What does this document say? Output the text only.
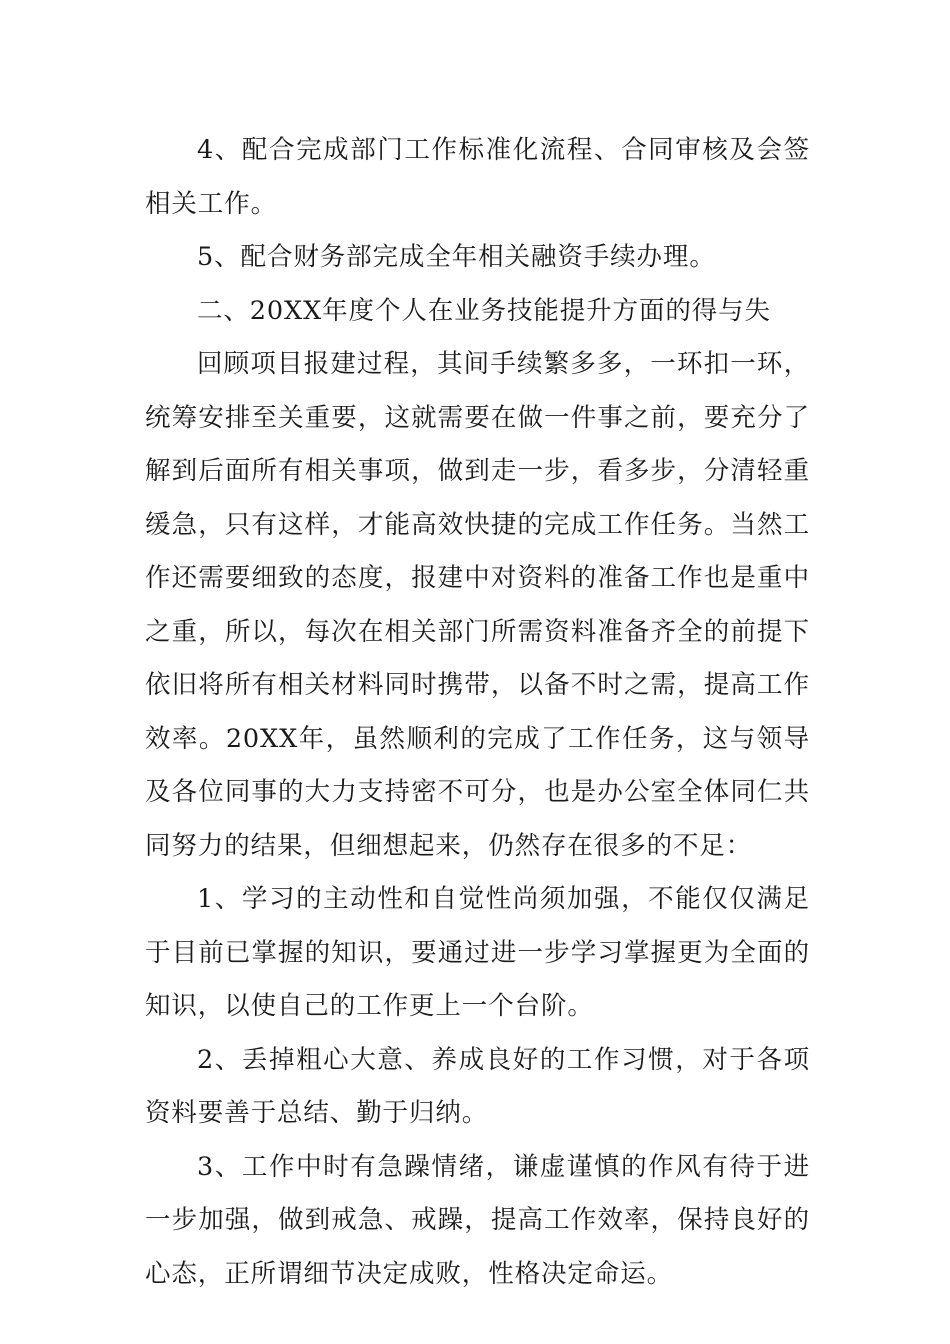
4、配合完成部门工作标准化流程、合同审核及会签相关工作。

5、配合财务部完成全年相关融资手续办理。

二、20XX年度个人在业务技能提升方面的得与失

回顾项目报建过程，其间手续繁多多，一环扣一环，统筹安排至关重要，这就需要在做一件事之前，要充分了解到后面所有相关事项，做到走一步，看多步，分清轻重缓急，只有这样，才能高效快捷的完成工作任务。当然工作还需要细致的态度，报建中对资料的准备工作也是重中之重，所以，每次在相关部门所需资料准备齐全的前提下依旧将所有相关材料同时携带，以备不时之需，提高工作效率。20XX年，虽然顺利的完成了工作任务，这与领导及各位同事的大力支持密不可分，也是办公室全体同仁共同努力的结果，但细想起来，仍然存在很多的不足：

1、学习的主动性和自觉性尚须加强，不能仅仅满足于目前已掌握的知识，要通过进一步学习掌握更为全面的知识，以使自己的工作更上一个台阶。

2、丢掉粗心大意、养成良好的工作习惯，对于各项资料要善于总结、勤于归纳。

3、工作中时有急躁情绪，谦虚谨慎的作风有待于进一步加强，做到戒急、戒躁，提高工作效率，保持良好的心态，正所谓细节决定成败，性格决定命运。
